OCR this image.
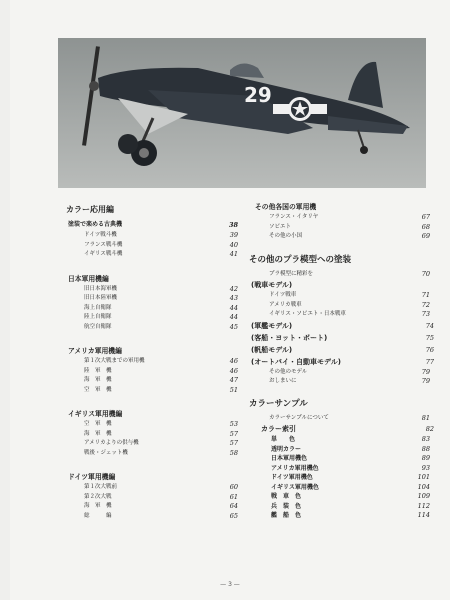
29
カラー応用編
塗装で楽める古典機	38
ドイツ戦斗機	39
フランス戦斗機	40
イギリス戦斗機	41
日本軍用機編
旧日本海軍機	42
旧日本陸軍機	43
海上自衛隊	44
陸上自衛隊	44
航空自衛隊	45
アメリカ軍用機編
第１次大戦までの軍用機	46
陸　軍　機	46
海　軍　機	47
空　軍　機	51
イギリス軍用機編
空　軍　機	53
海　軍　機	57
アメリカよりの供与機	57
戦後・ジェット機	58
ドイツ軍用機編
第１次大戦前	60
第２次大戦	61
海　軍　機	64
総　　　編	65
その他各国の軍用機
フランス・イタリヤ	67
ソビエト	68
その他の小国	69
その他のプラ模型への塗装
プラ模型に精彩を	70
(戦車モデル)
ドイツ戦車	71
アメリカ戦車	72
イギリス・ソビエト・日本戦車	73
(軍艦モデル)	74
(客船・ヨット・ボート)	75
(帆船モデル)	76
(オートバイ・自動車モデル)	77
その他のモデル	79
おしまいに	79
カラーサンプル
カラーサンプルについて	81
カラー索引	82
単　　色	83
透明カラー	88
日本軍用機色	89
アメリカ軍用機色	93
ドイツ軍用機色	101
イギリス軍用機色	104
戦　車　色	109
兵　装　色	112
艦　船　色	114
— 3 —
